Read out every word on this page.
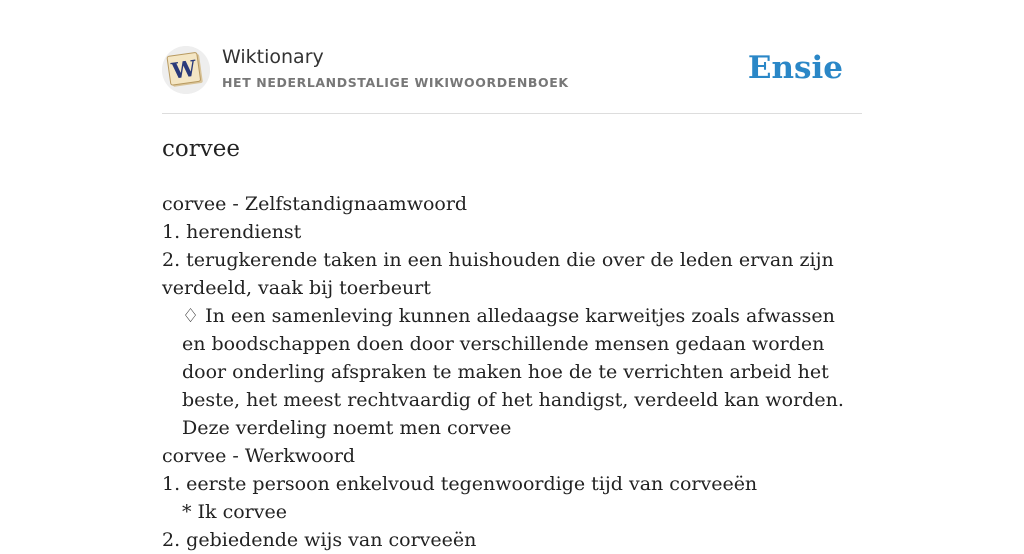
W Wiktionary
HET NEDERLANDSTALIGE WIKIWOORDENBOEK	Ensie
corvee
corvee - Zelfstandignaamwoord
1. herendienst
2. terugkerende taken in een huishouden die over de leden ervan zijn verdeeld, vaak bij toerbeurt
♢ In een samenleving kunnen alledaagse karweitjes zoals afwassen en boodschappen doen door verschillende mensen gedaan worden door onderling afspraken te maken hoe de te verrichten arbeid het beste, het meest rechtvaardig of het handigst, verdeeld kan worden. Deze verdeling noemt men corvee
corvee - Werkwoord
1. eerste persoon enkelvoud tegenwoordige tijd van corveeën
* Ik corvee
2. gebiedende wijs van corveeën
